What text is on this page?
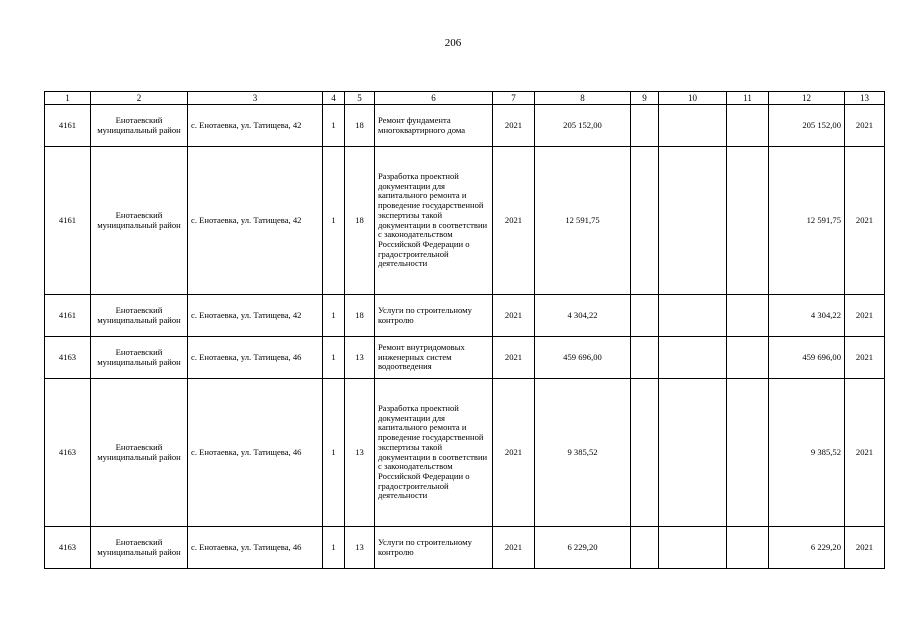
206
1	2	3	4	5	6	7	8	9	10	11	12	13
4161	Енотаевский муниципальный район	с. Енотаевка, ул. Татищева, 42	1	18	Ремонт фундамента многоквартирного дома	2021	205 152,00				205 152,00	2021
4161	Енотаевский муниципальный район	с. Енотаевка, ул. Татищева, 42	1	18	Разработка проектной документации для капитального ремонта и проведение государственной экспертизы такой документации в соответствии с законодательством Российской Федерации о градостроительной деятельности	2021	12 591,75				12 591,75	2021
4161	Енотаевский муниципальный район	с. Енотаевка, ул. Татищева, 42	1	18	Услуги по строительному контролю	2021	4 304,22				4 304,22	2021
4163	Енотаевский муниципальный район	с. Енотаевка, ул. Татищева, 46	1	13	Ремонт внутридомовых инженерных систем водоотведения	2021	459 696,00				459 696,00	2021
4163	Енотаевский муниципальный район	с. Енотаевка, ул. Татищева, 46	1	13	Разработка проектной документации для капитального ремонта и проведение государственной экспертизы такой документации в соответствии с законодательством Российской Федерации о градостроительной деятельности	2021	9 385,52				9 385,52	2021
4163	Енотаевский муниципальный район	с. Енотаевка, ул. Татищева, 46	1	13	Услуги по строительному контролю	2021	6 229,20				6 229,20	2021
